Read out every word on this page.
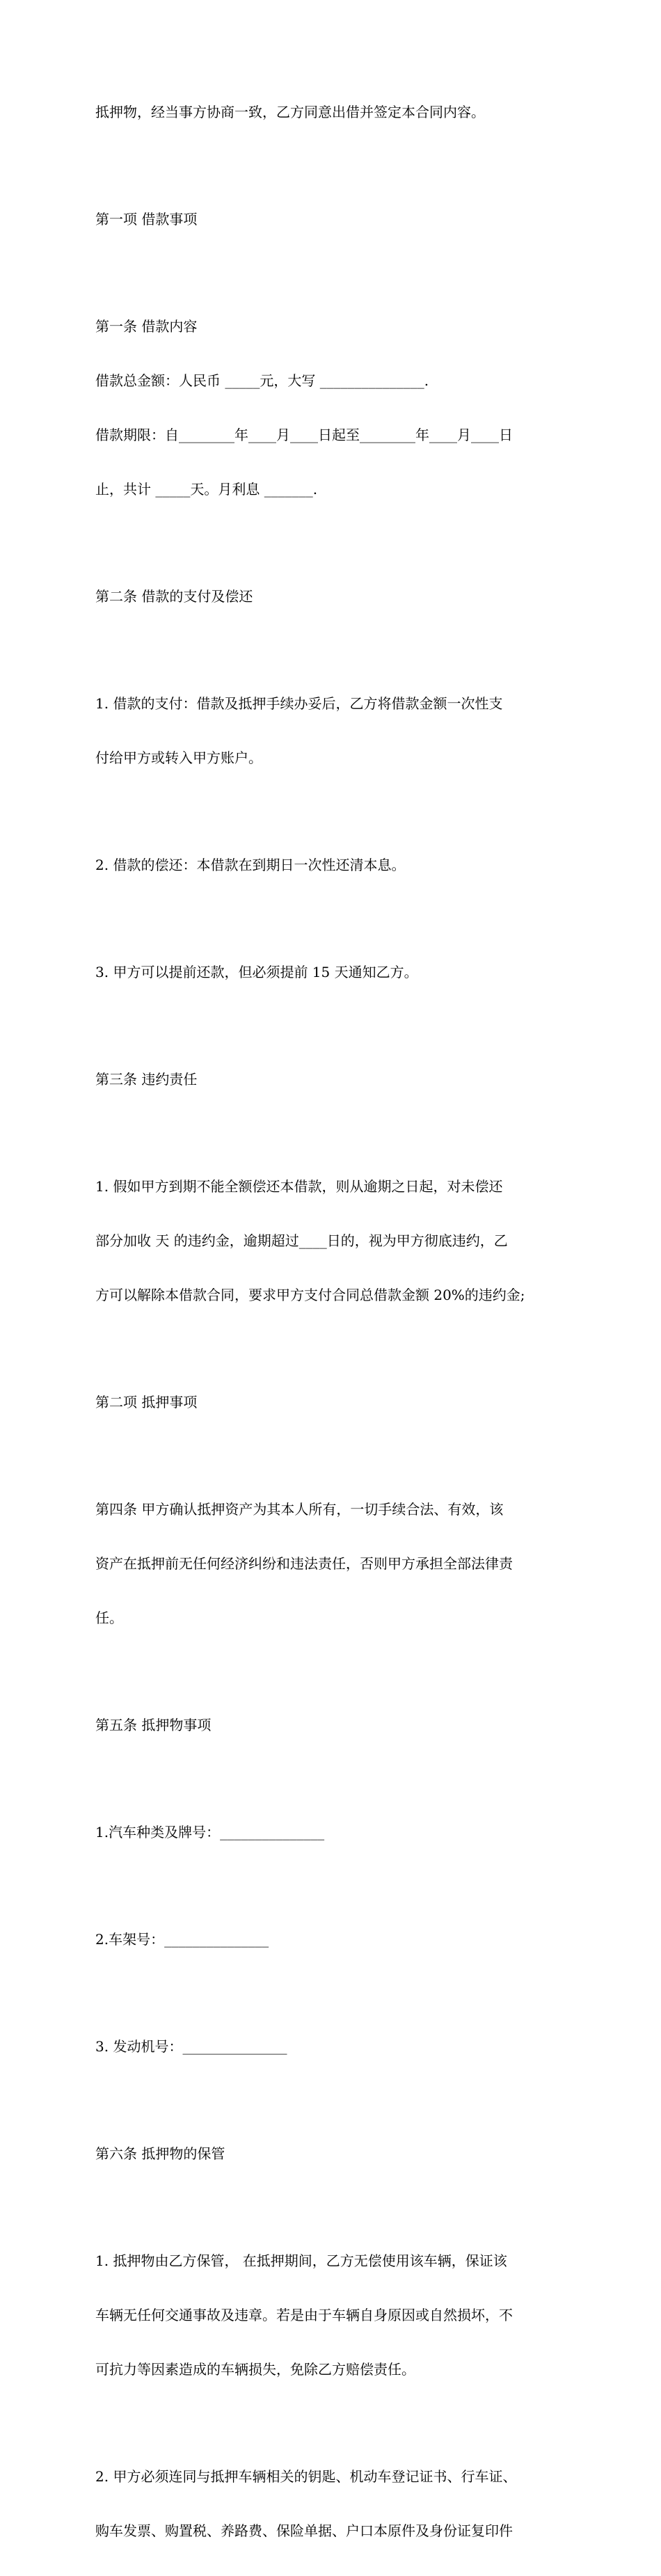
抵押物，经当事方协商一致，乙方同意出借并签定本合同内容。

第一项 借款事项

第一条 借款内容

借款总金额：人民币 _____元，大写 _______________.

借款期限：自________年____月____日起至________年____月____日

止，共计 _____天。月利息 _______.

第二条 借款的支付及偿还

1. 借款的支付：借款及抵押手续办妥后，乙方将借款金额一次性支

付给甲方或转入甲方账户。

2. 借款的偿还：本借款在到期日一次性还清本息。

3. 甲方可以提前还款，但必须提前 15 天通知乙方。

第三条 违约责任

1. 假如甲方到期不能全额偿还本借款，则从逾期之日起，对未偿还

部分加收 天 的违约金，逾期超过____日的，视为甲方彻底违约，乙

方可以解除本借款合同，要求甲方支付合同总借款金额 20%的违约金;

第二项 抵押事项

第四条 甲方确认抵押资产为其本人所有，一切手续合法、有效，该

资产在抵押前无任何经济纠纷和违法责任，否则甲方承担全部法律责

任。

第五条 抵押物事项

1.汽车种类及牌号：_______________

2.车架号：_______________

3. 发动机号：_______________

第六条 抵押物的保管

1. 抵押物由乙方保管， 在抵押期间，乙方无偿使用该车辆，保证该

车辆无任何交通事故及违章。若是由于车辆自身原因或自然损坏，不

可抗力等因素造成的车辆损失，免除乙方赔偿责任。

2. 甲方必须连同与抵押车辆相关的钥匙、机动车登记证书、行车证、

购车发票、购置税、养路费、保险单据、户口本原件及身份证复印件
